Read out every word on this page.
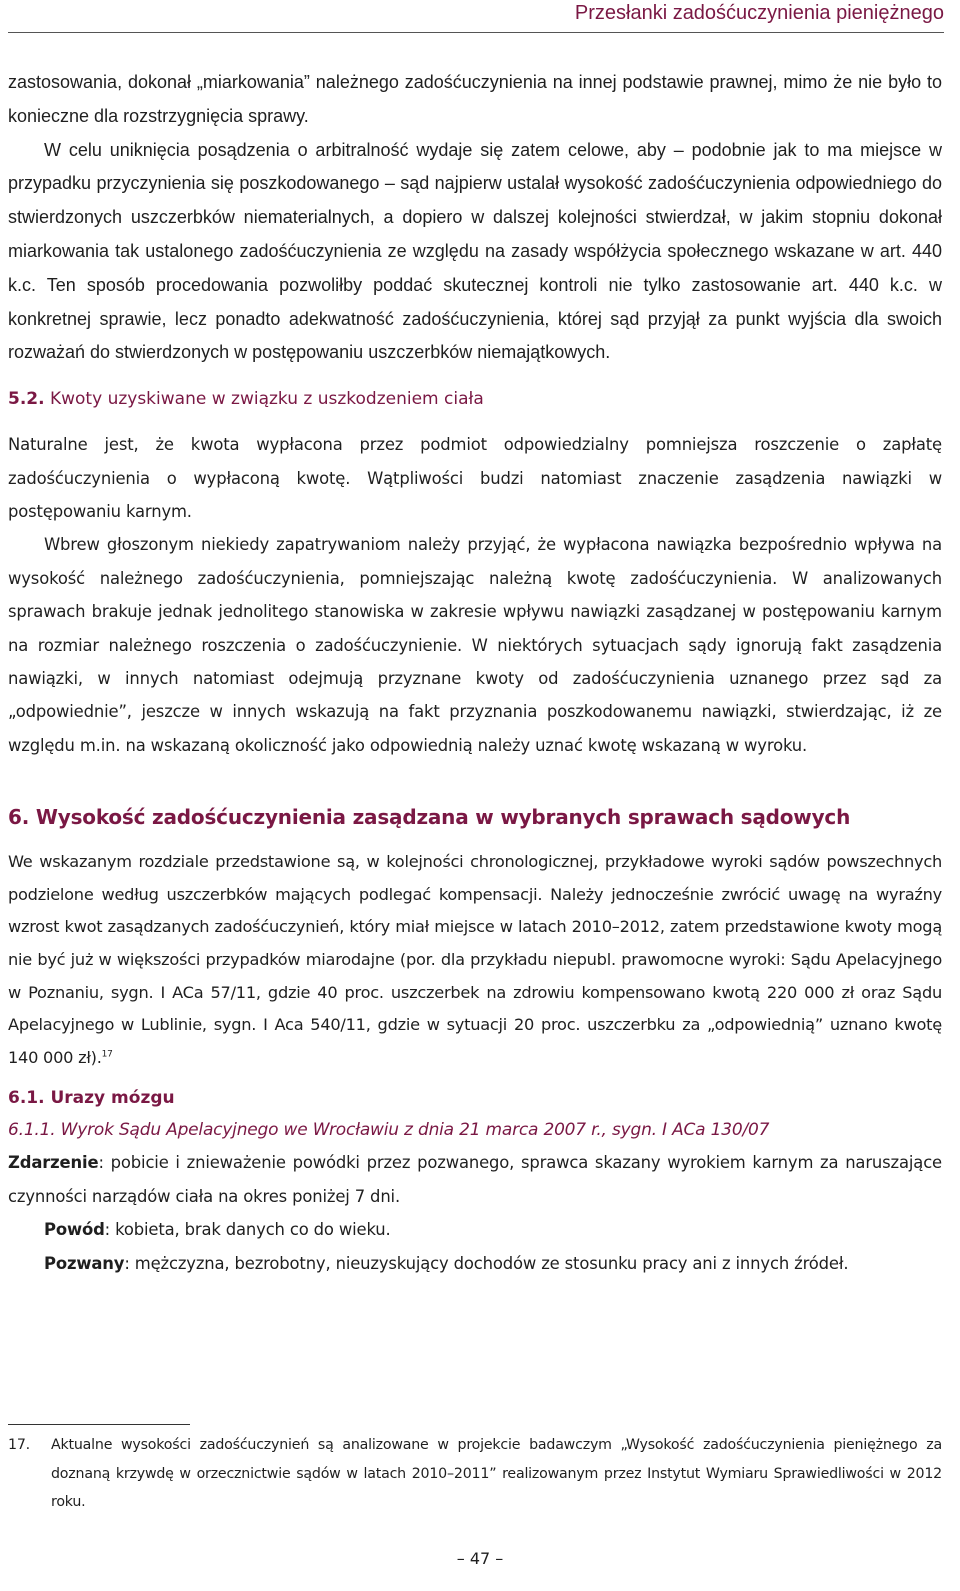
Przesłanki zadośćuczynienia pieniężnego

zastosowania, dokonał „miarkowania” należnego zadośćuczynienia na innej podstawie prawnej, mimo że nie było to konieczne dla rozstrzygnięcia sprawy.

W celu uniknięcia posądzenia o arbitralność wydaje się zatem celowe, aby – podobnie jak to ma miejsce w przypadku przyczynienia się poszkodowanego – sąd najpierw ustalał wysokość zadośćuczynienia odpowiedniego do stwierdzonych uszczerbków niematerialnych, a dopiero w dalszej kolejności stwierdzał, w jakim stopniu dokonał miarkowania tak ustalonego zadośćuczynienia ze względu na zasady współżycia społecznego wskazane w art. 440 k.c. Ten sposób procedowania pozwoliłby poddać skutecznej kontroli nie tylko zastosowanie art. 440 k.c. w konkretnej sprawie, lecz ponadto adekwatność zadośćuczynienia, której sąd przyjął za punkt wyjścia dla swoich rozważań do stwierdzonych w postępowaniu uszczerbków niemajątkowych.

5.2. Kwoty uzyskiwane w związku z uszkodzeniem ciała

Naturalne jest, że kwota wypłacona przez podmiot odpowiedzialny pomniejsza roszczenie o zapłatę zadośćuczynienia o wypłaconą kwotę. Wątpliwości budzi natomiast znaczenie zasądzenia nawiązki w postępowaniu karnym.

Wbrew głoszonym niekiedy zapatrywaniom należy przyjąć, że wypłacona nawiązka bezpośrednio wpływa na wysokość należnego zadośćuczynienia, pomniejszając należną kwotę zadośćuczynienia. W analizowanych sprawach brakuje jednak jednolitego stanowiska w zakresie wpływu nawiązki zasądzanej w postępowaniu karnym na rozmiar należnego roszczenia o zadośćuczynienie. W niektórych sytuacjach sądy ignorują fakt zasądzenia nawiązki, w innych natomiast odejmują przyznane kwoty od zadośćuczynienia uznanego przez sąd za „odpowiednie”, jeszcze w innych wskazują na fakt przyznania poszkodowanemu nawiązki, stwierdzając, iż ze względu m.in. na wskazaną okoliczność jako odpowiednią należy uznać kwotę wskazaną w wyroku.

6. Wysokość zadośćuczynienia zasądzana w wybranych sprawach sądowych

We wskazanym rozdziale przedstawione są, w kolejności chronologicznej, przykładowe wyroki sądów powszechnych podzielone według uszczerbków mających podlegać kompensacji. Należy jednocześnie zwrócić uwagę na wyraźny wzrost kwot zasądzanych zadośćuczynień, który miał miejsce w latach 2010–2012, zatem przedstawione kwoty mogą nie być już w większości przypadków miarodajne (por. dla przykładu niepubl. prawomocne wyroki: Sądu Apelacyjnego w Poznaniu, sygn. I ACa 57/11, gdzie 40 proc. uszczerbek na zdrowiu kompensowano kwotą 220 000 zł oraz Sądu Apelacyjnego w Lublinie, sygn. I Aca 540/11, gdzie w sytuacji 20 proc. uszczerbku za „odpowiednią” uznano kwotę 140 000 zł).$^{17}$

6.1. Urazy mózgu
6.1.1. Wyrok Sądu Apelacyjnego we Wrocławiu z dnia 21 marca 2007 r., sygn. I ACa 130/07

Zdarzenie: pobicie i znieważenie powódki przez pozwanego, sprawca skazany wyrokiem karnym za naruszające czynności narządów ciała na okres poniżej 7 dni.

Powód: kobieta, brak danych co do wieku.

Pozwany: mężczyzna, bezrobotny, nieuzyskujący dochodów ze stosunku pracy ani z innych źródeł.

17. Aktualne wysokości zadośćuczynień są analizowane w projekcie badawczym „Wysokość zadośćuczynienia pieniężnego za doznaną krzywdę w orzecznictwie sądów w latach 2010–2011” realizowanym przez Instytut Wymiaru Sprawiedliwości w 2012 roku.
– 47 –
